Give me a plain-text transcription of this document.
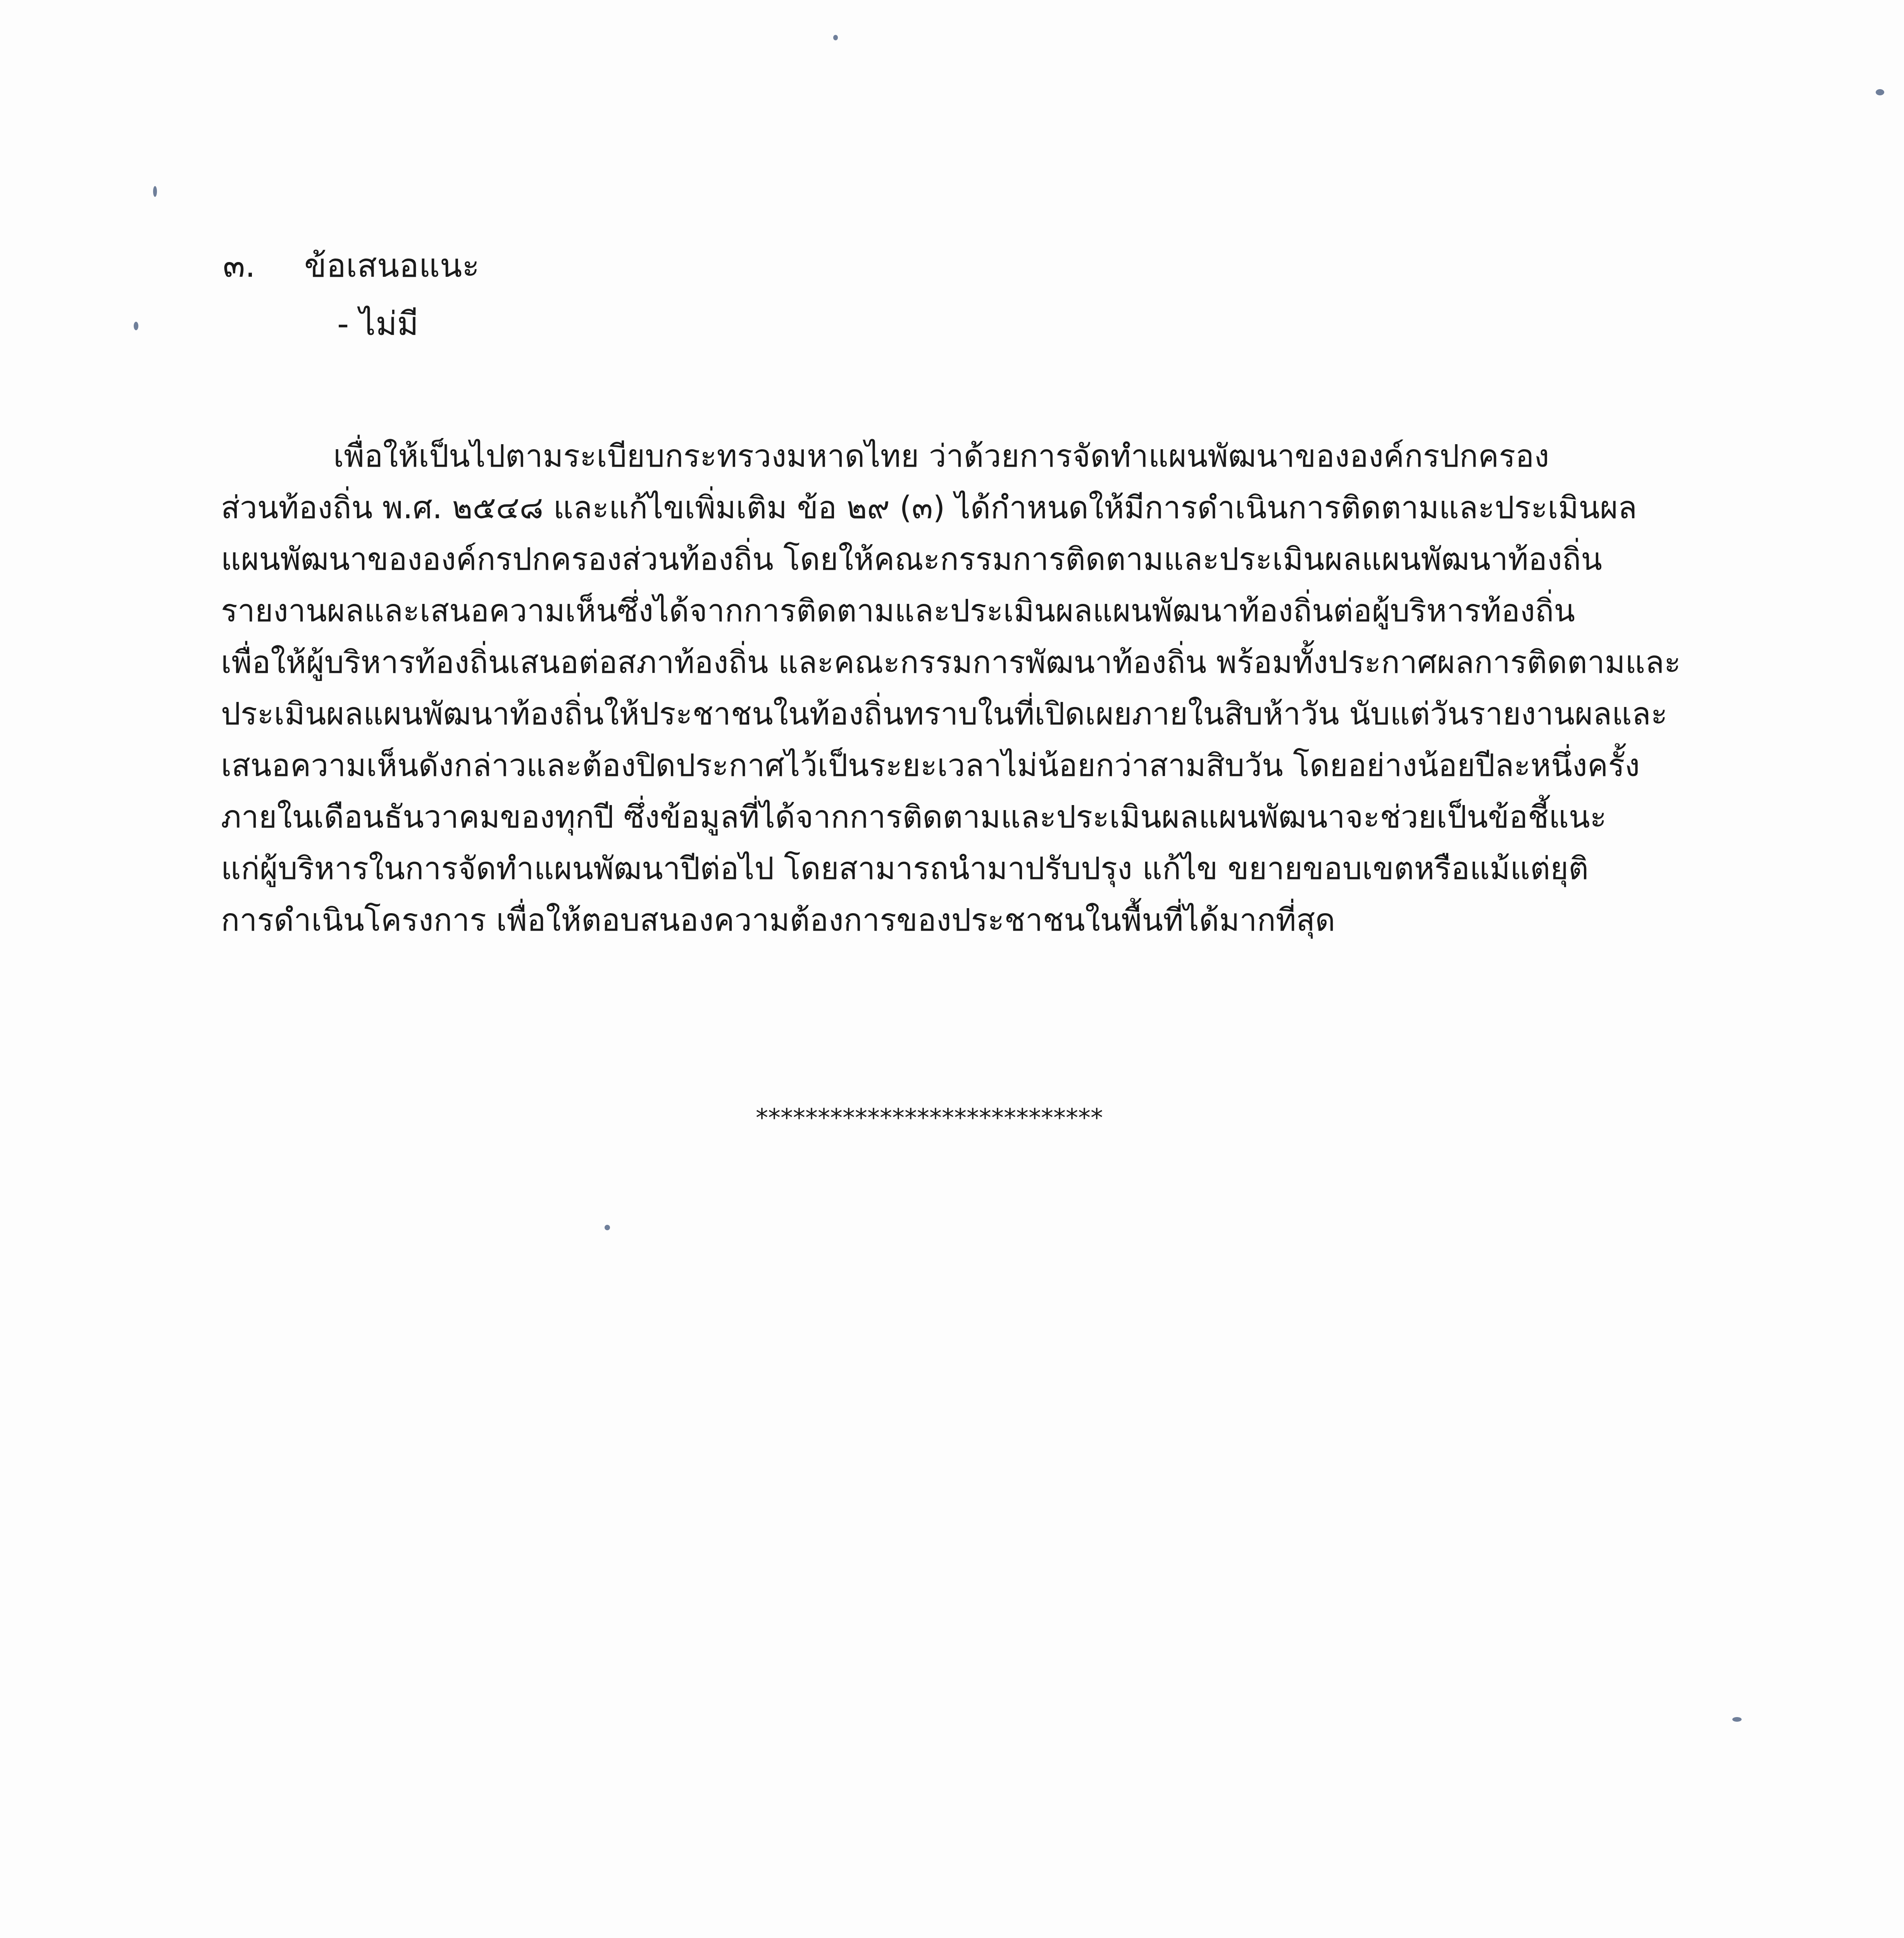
๓. ข้อเสนอแนะ
- ไม่มี
เพื่อให้เป็นไปตามระเบียบกระทรวงมหาดไทย ว่าด้วยการจัดทำแผนพัฒนาขององค์กรปกครอง
ส่วนท้องถิ่น พ.ศ. ๒๕๔๘ และแก้ไขเพิ่มเติม ข้อ ๒๙ (๓) ได้กำหนดให้มีการดำเนินการติดตามและประเมินผล
แผนพัฒนาขององค์กรปกครองส่วนท้องถิ่น โดยให้คณะกรรมการติดตามและประเมินผลแผนพัฒนาท้องถิ่น
รายงานผลและเสนอความเห็นซึ่งได้จากการติดตามและประเมินผลแผนพัฒนาท้องถิ่นต่อผู้บริหารท้องถิ่น
เพื่อให้ผู้บริหารท้องถิ่นเสนอต่อสภาท้องถิ่น และคณะกรรมการพัฒนาท้องถิ่น พร้อมทั้งประกาศผลการติดตามและ
ประเมินผลแผนพัฒนาท้องถิ่นให้ประชาชนในท้องถิ่นทราบในที่เปิดเผยภายในสิบห้าวัน นับแต่วันรายงานผลและ
เสนอความเห็นดังกล่าวและต้องปิดประกาศไว้เป็นระยะเวลาไม่น้อยกว่าสามสิบวัน โดยอย่างน้อยปีละหนึ่งครั้ง
ภายในเดือนธันวาคมของทุกปี ซึ่งข้อมูลที่ได้จากการติดตามและประเมินผลแผนพัฒนาจะช่วยเป็นข้อชี้แนะ
แก่ผู้บริหารในการจัดทำแผนพัฒนาปีต่อไป โดยสามารถนำมาปรับปรุง แก้ไข ขยายขอบเขตหรือแม้แต่ยุติ
การดำเนินโครงการ เพื่อให้ตอบสนองความต้องการของประชาชนในพื้นที่ได้มากที่สุด
****************************
